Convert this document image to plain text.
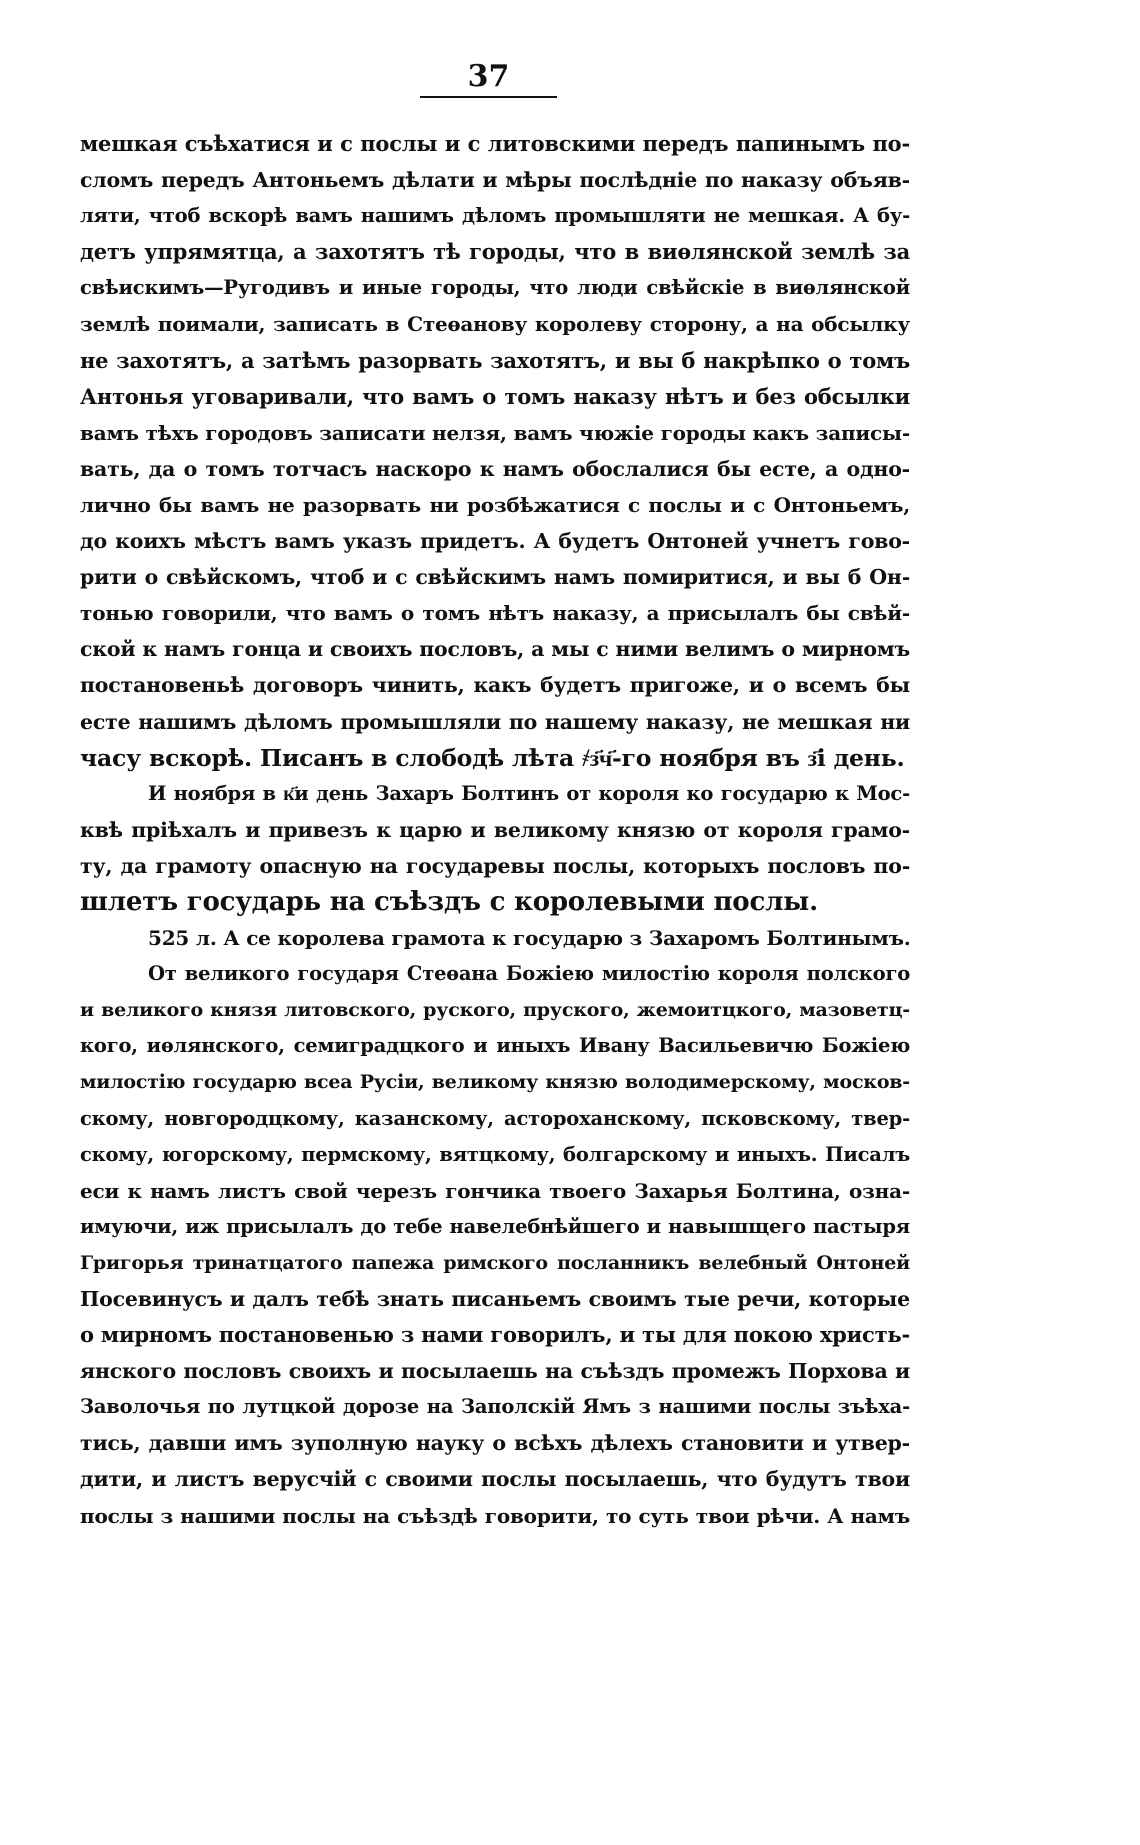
37
мешкая съѣхатися и с послы и с литовскими передъ папинымъ по-
сломъ передъ Антоньемъ дѣлати и мѣры послѣдніе по наказу объяв-
ляти, чтоб вскорѣ вамъ нашимъ дѣломъ промышляти не мешкая. А бу-
детъ упрямятца, а захотятъ тѣ городы, что в виѳлянской землѣ за
свѣискимъ—Ругодивъ и иные городы, что люди свѣйскіе в виѳлянской
землѣ поимали, записать в Стеѳанову королеву сторону, а на обсылку
не захотятъ, а затѣмъ разорвать захотятъ, и вы б накрѣпко о томъ
Антонья уговаривали, что вамъ о томъ наказу нѣтъ и без обсылки
вамъ тѣхъ городовъ записати нелзя, вамъ чюжіе городы какъ записы-
вать, да о томъ тотчасъ наскоро к намъ обослалися бы есте, а одно-
лично бы вамъ не разорвать ни розбѣжатися с послы и с Онтоньемъ,
до коихъ мѣстъ вамъ указъ придетъ. А будетъ Онтоней учнетъ гово-
рити о свѣйскомъ, чтоб и с свѣйскимъ намъ помиритися, и вы б Он-
тонью говорили, что вамъ о томъ нѣтъ наказу, а присылалъ бы свѣй-
ской к намъ гонца и своихъ пословъ, а мы с ними велимъ о мирномъ
постановеньѣ договоръ чинить, какъ будетъ пригоже, и о всемъ бы
есте нашимъ дѣломъ промышляли по нашему наказу, не мешкая ни
часу вскорѣ. Писанъ в слободѣ лѣта ҂з҃ч҃-го ноября въ з҃і день.
И ноября в к҃и день Захаръ Болтинъ от короля ко государю к Мос-
квѣ пріѣхалъ и привезъ к царю и великому князю от короля грамо-
ту, да грамоту опасную на государевы послы, которыхъ пословъ по-
шлетъ государь на съѣздъ с королевыми послы.
525 л. А се королева грамота к государю з Захаромъ Болтинымъ.
От великого государя Стеѳана Божіею милостію короля полского
и великого князя литовского, руского, пруского, жемоитцкого, мазоветц-
кого, иѳлянского, семиградцкого и иныхъ Ивану Васильевичю Божіею
милостію государю всеа Русіи, великому князю володимерскому, москов-
скому, новгородцкому, казанскому, астороханскому, псковскому, твер-
скому, югорскому, пермскому, вятцкому, болгарскому и иныхъ. Писалъ
еси к намъ листъ свой черезъ гончика твоего Захарья Болтина, озна-
имуючи, иж присылалъ до тебе навелебнѣйшего и навышщего пастыря
Григорья тринатцатого папежа римского посланникъ велебный Онтоней
Посевинусъ и далъ тебѣ знать писаньемъ своимъ тые речи, которые
о мирномъ постановенью з нами говорилъ, и ты для покою христь-
янского пословъ своихъ и посылаешь на съѣздъ промежъ Порхова и
Заволочья по лутцкой дорозе на Заполскій Ямъ з нашими послы зъѣха-
тись, давши имъ зуполную науку о всѣхъ дѣлехъ становити и утвер-
дити, и листъ верусчій с своими послы посылаешь, что будутъ твои
послы з нашими послы на съѣздѣ говорити, то суть твои рѣчи. А намъ
